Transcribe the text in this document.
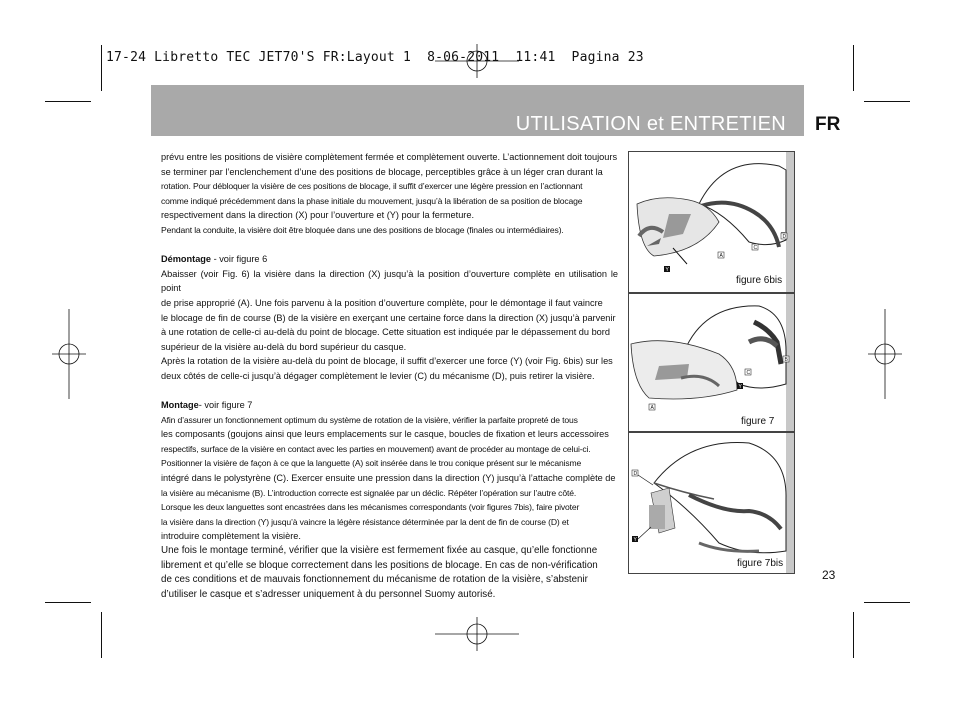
17-24 Libretto TEC JET70'S FR:Layout 1  8-06-2011  11:41  Pagina 23
UTILISATION et ENTRETIEN FR

prévu entre les positions de visière complètement fermée et complètement ouverte. L’actionnement doit toujours

se terminer par l’enclenchement d’une des positions de blocage, perceptibles grâce à un léger cran durant la

rotation. Pour débloquer la visière de ces positions de blocage, il suffit d’exercer une légère pression en l’actionnant

comme indiqué précédemment dans la phase initiale du mouvement, jusqu’à la libération de sa position de blocage

respectivement dans la direction (X) pour l’ouverture et (Y) pour la fermeture.

Pendant la conduite, la visière doit être bloquée dans une des positions de blocage (finales ou intermédiaires).

Démontage - voir figure 6

Abaisser (voir Fig. 6) la visière dans la direction (X) jusqu’à la position d’ouverture complète en utilisation le point

de prise approprié (A). Une fois parvenu à la position d’ouverture complète, pour le démontage il faut vaincre

le blocage de fin de course (B) de la visière en exerçant une certaine force dans la direction (X) jusqu’à parvenir

à une rotation de celle-ci au-delà du point de blocage. Cette situation est indiquée par le dépassement du bord

supérieur de la visière au-delà du bord supérieur du casque.

Après la rotation de la visière au-delà du point de blocage, il suffit d’exercer une force (Y) (voir Fig. 6bis) sur les

deux côtés de celle-ci jusqu’à dégager complètement le levier (C) du mécanisme (D), puis retirer la visière.

Montage- voir figure 7

Afin d’assurer un fonctionnement optimum du système de rotation de la visière, vérifier la parfaite propreté de tous

les composants (goujons ainsi que leurs emplacements sur le casque, boucles de fixation et leurs accessoires

respectifs, surface de la visière en contact avec les parties en mouvement) avant de procéder au montage de celui-ci.

Positionner la visière de façon à ce que la languette (A) soit insérée dans le trou conique présent sur le mécanisme

intégré dans le polystyrène (C). Exercer ensuite une pression dans la direction (Y) jusqu’à l’attache complète de

la visière au mécanisme (B). L’introduction correcte est signalée par un déclic. Répéter l’opération sur l’autre côté.

Lorsque les deux languettes sont encastrées dans les mécanismes correspondants (voir figures 7bis), faire pivoter

la visière dans la direction (Y) jusqu’à vaincre la légère résistance déterminée par la dent de fin de course (D) et

introduire complètement la visière.

Une fois le montage terminé, vérifier que la visière est fermement fixée au casque, qu’elle fonctionne

librement et qu’elle se bloque correctement dans les positions de blocage. En cas de non-vérification

de ces conditions et de mauvais fonctionnement du mécanisme de rotation de la visière, s’abstenir

d’utiliser le casque et s’adresser uniquement à du personnel Suomy autorisé.

D
C
A
Y
figure 6bis
B
C
Y
A
figure 7
D
Y
figure 7bis
23
